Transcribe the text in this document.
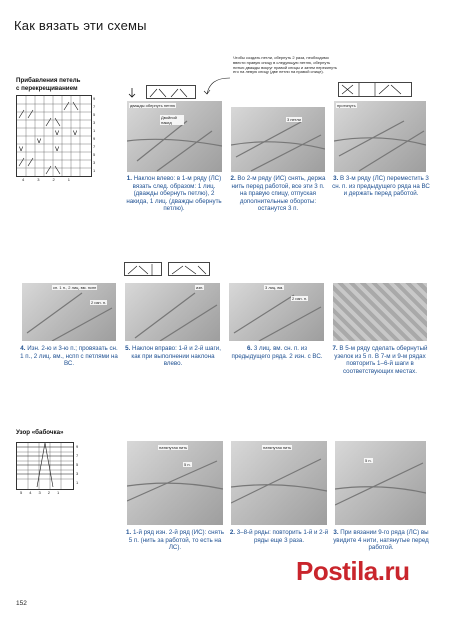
Как вязать эти схемы
Прибавления петель
с перекрещиванием
V V
V	V
V
9
7
5
3
1
9
7
5
3
1
4	3	2	1
Чтобы создать петли, обернуть 2 раза, необходимо ввести правую спицу в следующую петлю, обернуть нитью дважды вокруг правой спицы и затем перекинуть его на левую спицу (две петли на правой спице).
дважды обернуть петлю
Двойной накид
3 петли
протянуть
1. Наклон влево: в 1-м ряду (ЛС) вязать след. образом: 1 лиц. (дважды обернуть петлю), 2 накида, 1 лиц. (дважды обернуть петлю).
2. Во 2-м ряду (ИС) снять, держа нить перед работой, все эти 3 п. на правую спицу, отпуская дополнительные обороты: останутся 3 п.
3. В 3-м ряду (ЛС) переместить 3 сн. п. из предыдущего ряда на ВС и держать перед работой.
сн. 1 п., 2 лиц. вм. нспп
2 изн. п.
изн.	3 лиц. вм.
2 изн. п.
4. Изн. 2-ю и 3-ю п.; провязать сн. 1 п., 2 лиц. вм., нспп с петлями на ВС.
5. Наклон вправо: 1-й и 2-й шаги, как при выполнении наклона влево.
6. 3 лиц. вм. сн. п. из предыдущего ряда. 2 изн. с ВС.
7. В 5-м ряду сделать обернутый узелок из 5 п. В 7-м и 9-м рядах повторить 1–6-й шаги в соответствующих местах.
Узор «бабочка»
9
7
5
3
1
5 4 3 2 1
натянутая нить
5 п.
натянутая нить
5 п.
1. 1-й ряд изн. 2-й ряд (ИС): снять 5 п. (нить за работой, то есть на ЛС).
2. 3–8-й ряды: повторить 1-й и 2-й ряды еще 3 раза.
3. При вязании 9-го ряда (ЛС) вы увидите 4 нити, натянутые перед работой.
Postila.ru
152
